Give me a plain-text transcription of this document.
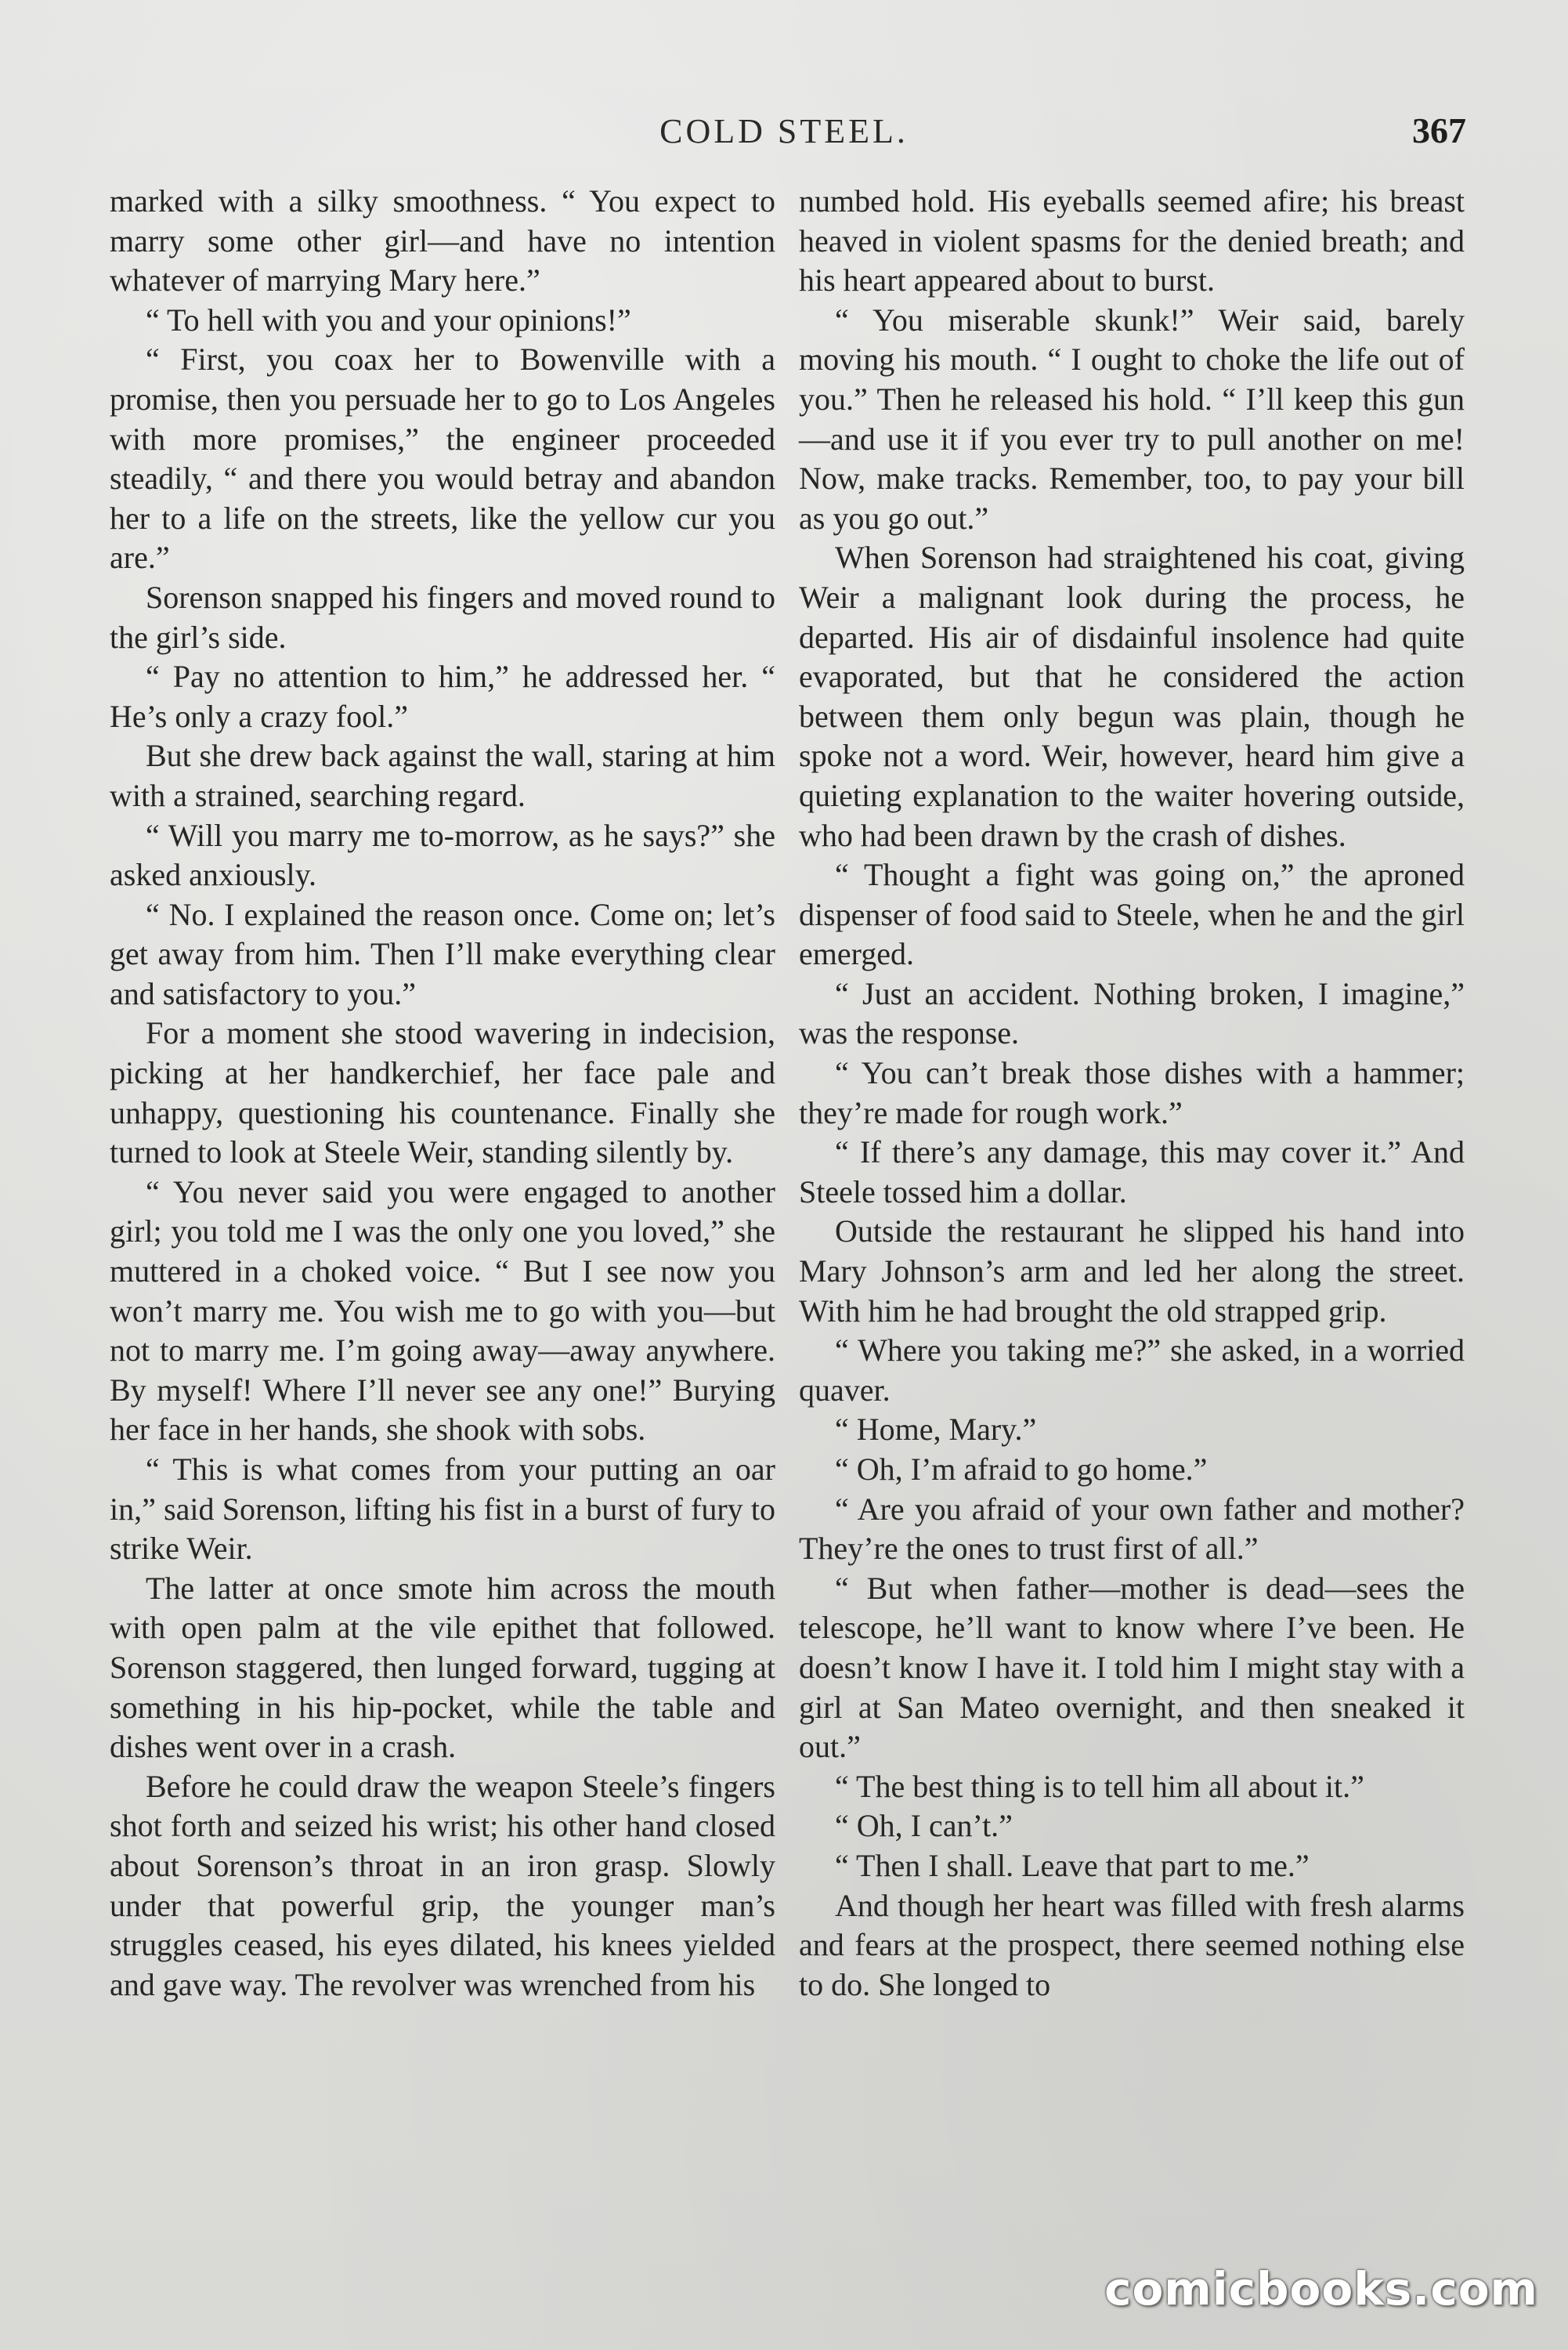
COLD STEEL.	367

marked with a silky smoothness. “ You expect to marry some other girl—and have no intention whatever of marrying Mary here.”

“ To hell with you and your opinions!”

“ First, you coax her to Bowenville with a promise, then you persuade her to go to Los Angeles with more promises,” the engineer proceeded steadily, “ and there you would betray and abandon her to a life on the streets, like the yellow cur you are.”

Sorenson snapped his fingers and moved round to the girl’s side.

“ Pay no attention to him,” he addressed her. “ He’s only a crazy fool.”

But she drew back against the wall, staring at him with a strained, searching regard.

“ Will you marry me to-morrow, as he says?” she asked anxiously.

“ No. I explained the reason once. Come on; let’s get away from him. Then I’ll make everything clear and satisfactory to you.”

For a moment she stood wavering in indecision, picking at her handkerchief, her face pale and unhappy, questioning his countenance. Finally she turned to look at Steele Weir, standing silently by.

“ You never said you were engaged to another girl; you told me I was the only one you loved,” she muttered in a choked voice. “ But I see now you won’t marry me. You wish me to go with you—but not to marry me. I’m going away—away anywhere. By myself! Where I’ll never see any one!” Burying her face in her hands, she shook with sobs.

“ This is what comes from your putting an oar in,” said Sorenson, lifting his fist in a burst of fury to strike Weir.

The latter at once smote him across the mouth with open palm at the vile epithet that followed. Sorenson staggered, then lunged forward, tugging at something in his hip-pocket, while the table and dishes went over in a crash.

Before he could draw the weapon Steele’s fingers shot forth and seized his wrist; his other hand closed about Sorenson’s throat in an iron grasp. Slowly under that powerful grip, the younger man’s struggles ceased, his eyes dilated, his knees yielded and gave way. The revolver was wrenched from his

numbed hold. His eyeballs seemed afire; his breast heaved in violent spasms for the denied breath; and his heart appeared about to burst.

“ You miserable skunk!” Weir said, barely moving his mouth. “ I ought to choke the life out of you.” Then he released his hold. “ I’ll keep this gun—and use it if you ever try to pull another on me! Now, make tracks. Remember, too, to pay your bill as you go out.”

When Sorenson had straightened his coat, giving Weir a malignant look during the process, he departed. His air of disdainful insolence had quite evaporated, but that he considered the action between them only begun was plain, though he spoke not a word. Weir, however, heard him give a quieting explanation to the waiter hovering outside, who had been drawn by the crash of dishes.

“ Thought a fight was going on,” the aproned dispenser of food said to Steele, when he and the girl emerged.

“ Just an accident. Nothing broken, I imagine,” was the response.

“ You can’t break those dishes with a hammer; they’re made for rough work.”

“ If there’s any damage, this may cover it.” And Steele tossed him a dollar.

Outside the restaurant he slipped his hand into Mary Johnson’s arm and led her along the street. With him he had brought the old strapped grip.

“ Where you taking me?” she asked, in a worried quaver.

“ Home, Mary.”

“ Oh, I’m afraid to go home.”

“ Are you afraid of your own father and mother? They’re the ones to trust first of all.”

“ But when father—mother is dead—sees the telescope, he’ll want to know where I’ve been. He doesn’t know I have it. I told him I might stay with a girl at San Mateo overnight, and then sneaked it out.”

“ The best thing is to tell him all about it.”

“ Oh, I can’t.”

“ Then I shall. Leave that part to me.”

And though her heart was filled with fresh alarms and fears at the prospect, there seemed nothing else to do. She longed to

comicbooks.com
